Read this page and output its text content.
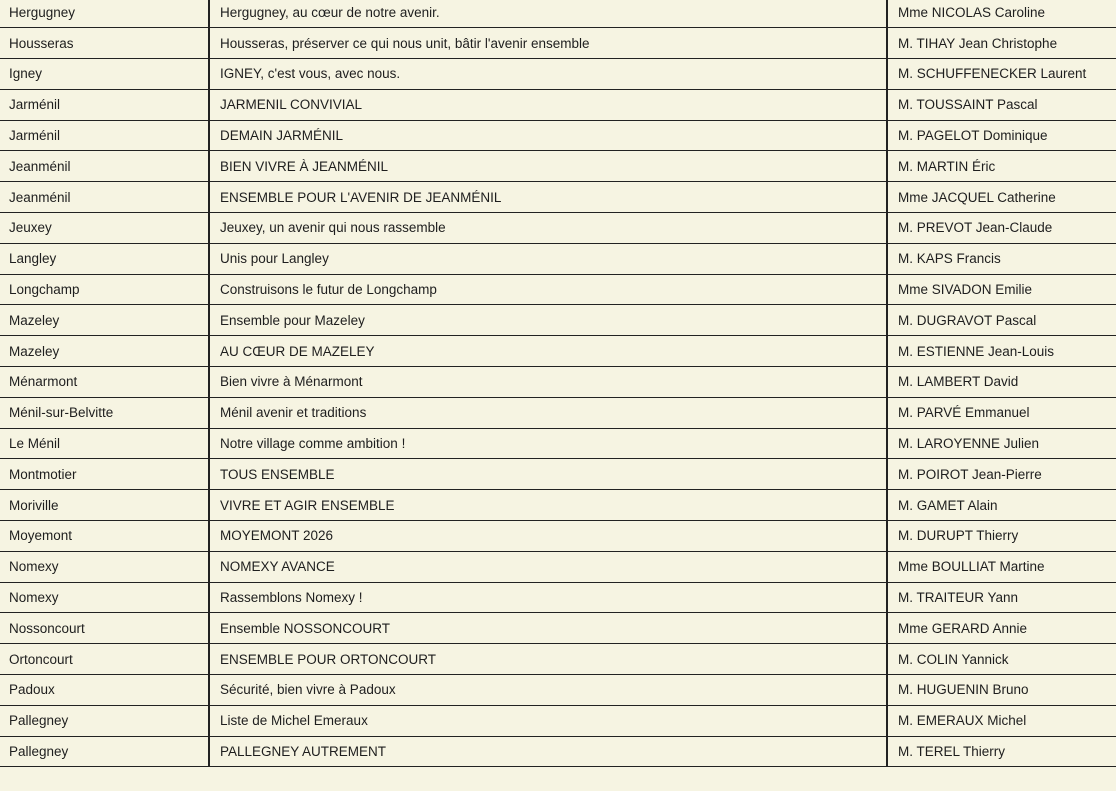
Hergugney	Hergugney, au cœur de notre avenir.	Mme NICOLAS Caroline
Housseras	Housseras, préserver ce qui nous unit, bâtir l'avenir ensemble	M. TIHAY Jean Christophe
Igney	IGNEY, c'est vous, avec nous.	M. SCHUFFENECKER Laurent
Jarménil	JARMENIL CONVIVIAL	M. TOUSSAINT Pascal
Jarménil	DEMAIN JARMÉNIL	M. PAGELOT Dominique
Jeanménil	BIEN VIVRE À JEANMÉNIL	M. MARTIN Éric
Jeanménil	ENSEMBLE POUR L'AVENIR DE JEANMÉNIL	Mme JACQUEL Catherine
Jeuxey	Jeuxey, un avenir qui nous rassemble	M. PREVOT Jean-Claude
Langley	Unis pour Langley	M. KAPS Francis
Longchamp	Construisons le futur de Longchamp	Mme SIVADON Emilie
Mazeley	Ensemble pour Mazeley	M. DUGRAVOT Pascal
Mazeley	AU CŒUR DE MAZELEY	M. ESTIENNE Jean-Louis
Ménarmont	Bien vivre à Ménarmont	M. LAMBERT David
Ménil-sur-Belvitte	Ménil avenir et traditions	M. PARVÉ Emmanuel
Le Ménil	Notre village comme ambition !	M. LAROYENNE Julien
Montmotier	TOUS ENSEMBLE	M. POIROT Jean-Pierre
Moriville	VIVRE ET AGIR ENSEMBLE	M. GAMET Alain
Moyemont	MOYEMONT 2026	M. DURUPT Thierry
Nomexy	NOMEXY AVANCE	Mme BOULLIAT Martine
Nomexy	Rassemblons Nomexy !	M. TRAITEUR Yann
Nossoncourt	Ensemble NOSSONCOURT	Mme GERARD Annie
Ortoncourt	ENSEMBLE POUR ORTONCOURT	M. COLIN Yannick
Padoux	Sécurité, bien vivre à Padoux	M. HUGUENIN Bruno
Pallegney	Liste de Michel Emeraux	M. EMERAUX Michel
Pallegney	PALLEGNEY AUTREMENT	M. TEREL Thierry
